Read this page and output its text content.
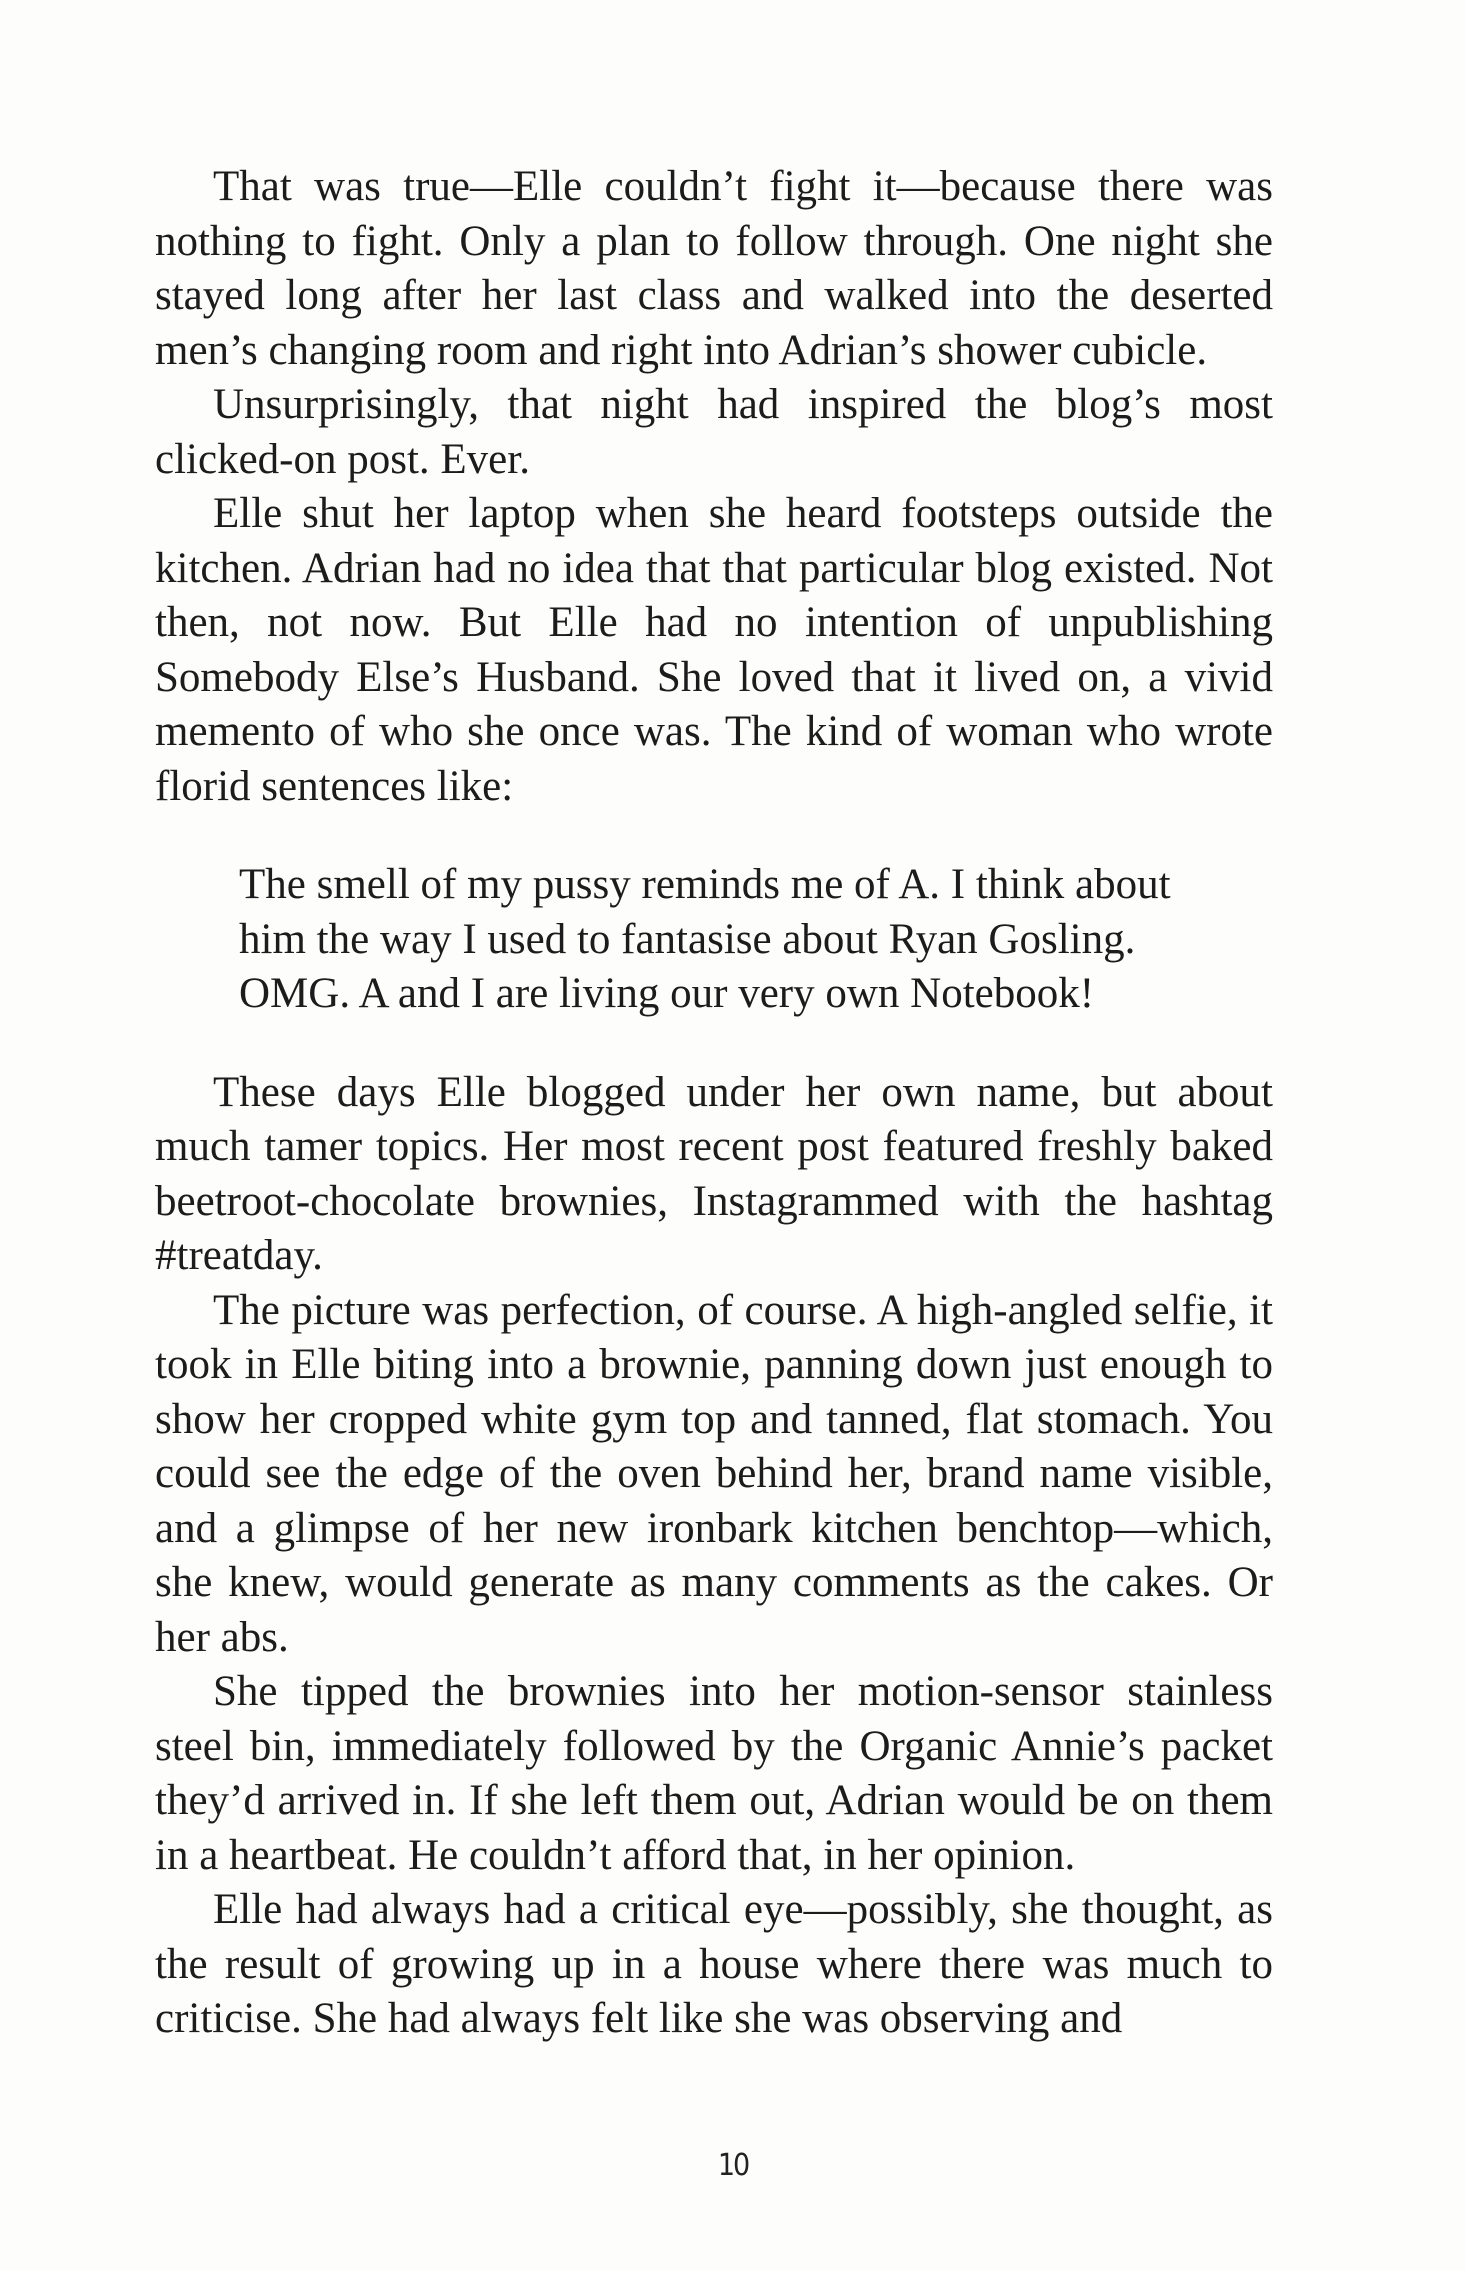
That was true—Elle couldn’t fight it—because there was nothing to fight. Only a plan to follow through. One night she stayed long after her last class and walked into the deserted men’s changing room and right into Adrian’s shower cubicle.

Unsurprisingly, that night had inspired the blog’s most clicked-on post. Ever.

Elle shut her laptop when she heard footsteps outside the kitchen. Adrian had no idea that that particular blog existed. Not then, not now. But Elle had no intention of unpublishing Somebody Else’s Husband. She loved that it lived on, a vivid memento of who she once was. The kind of woman who wrote florid sentences like:

The smell of my pussy reminds me of A. I think about him the way I used to fantasise about Ryan Gosling. OMG. A and I are living our very own Notebook!

These days Elle blogged under her own name, but about much tamer topics. Her most recent post featured freshly baked beetroot-chocolate brownies, Instagrammed with the hashtag #treatday.

The picture was perfection, of course. A high-angled selfie, it took in Elle biting into a brownie, panning down just enough to show her cropped white gym top and tanned, flat stomach. You could see the edge of the oven behind her, brand name visible, and a glimpse of her new ironbark kitchen benchtop—which, she knew, would generate as many comments as the cakes. Or her abs.

She tipped the brownies into her motion-sensor stainless steel bin, immediately followed by the Organic Annie’s packet they’d arrived in. If she left them out, Adrian would be on them in a heartbeat. He couldn’t afford that, in her opinion.

Elle had always had a critical eye—possibly, she thought, as the result of growing up in a house where there was much to criticise. She had always felt like she was observing and

10
